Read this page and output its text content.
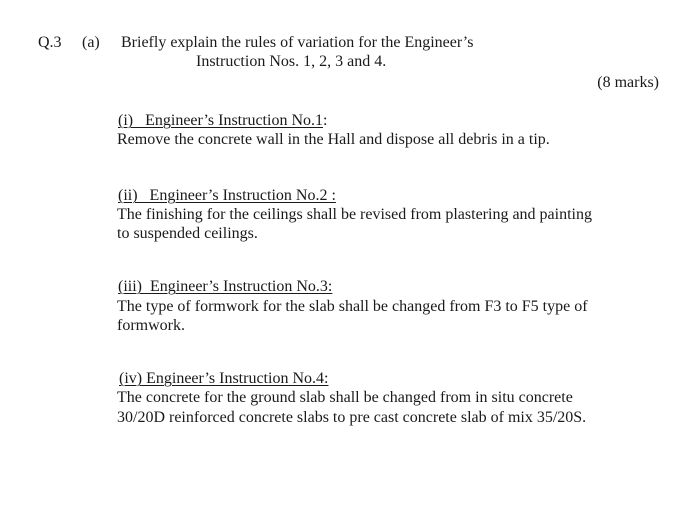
Q.3 (a) Briefly explain the rules of variation for the Engineer’s
Instruction Nos. 1, 2, 3 and 4.
(8 marks)
(i)   Engineer’s Instruction No.1:
Remove the concrete wall in the Hall and dispose all debris in a tip.
(ii)   Engineer’s Instruction No.2 :
The finishing for the ceilings shall be revised from plastering and painting
to suspended ceilings.
(iii)  Engineer’s Instruction No.3:
The type of formwork for the slab shall be changed from F3 to F5 type of
formwork.
(iv) Engineer’s Instruction No.4:
The concrete for the ground slab shall be changed from in situ concrete
30/20D reinforced concrete slabs to pre cast concrete slab of mix 35/20S.
